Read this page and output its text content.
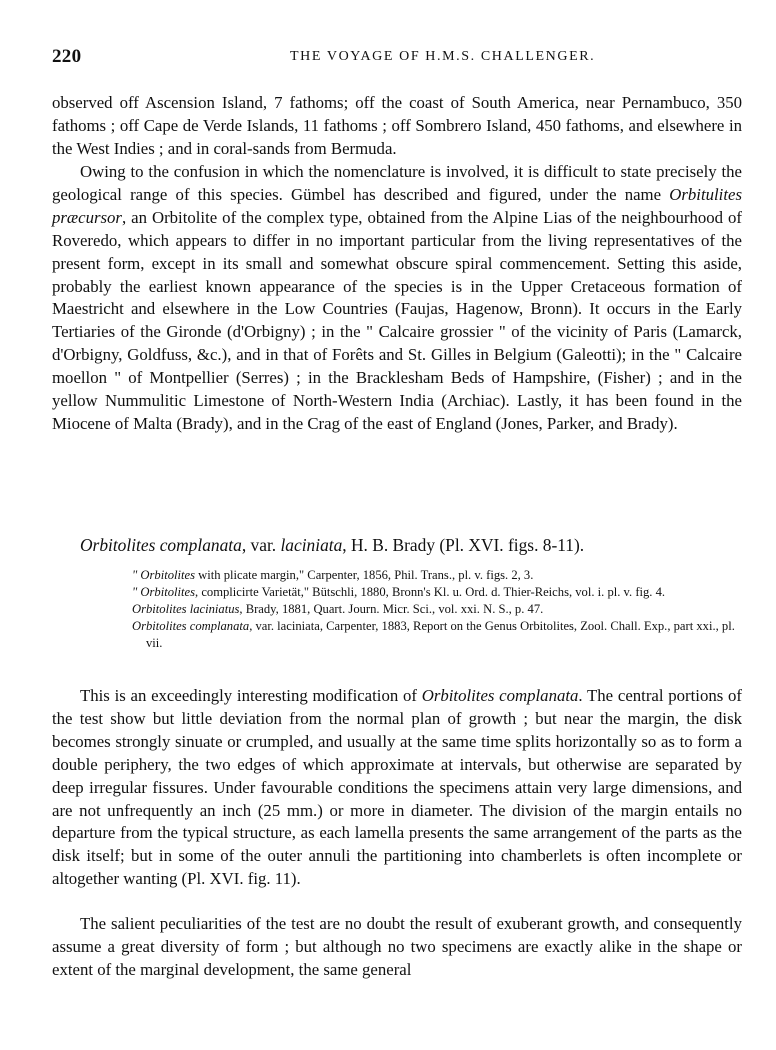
220	THE VOYAGE OF H.M.S. CHALLENGER.

observed off Ascension Island, 7 fathoms; off the coast of South America, near Pernambuco, 350 fathoms ; off Cape de Verde Islands, 11 fathoms ; off Sombrero Island, 450 fathoms, and elsewhere in the West Indies ; and in coral-sands from Bermuda.

Owing to the confusion in which the nomenclature is involved, it is difficult to state precisely the geological range of this species. Gümbel has described and figured, under the name Orbitulites præcursor, an Orbitolite of the complex type, obtained from the Alpine Lias of the neighbourhood of Roveredo, which appears to differ in no important particular from the living representatives of the present form, except in its small and somewhat obscure spiral commencement. Setting this aside, probably the earliest known appearance of the species is in the Upper Cretaceous formation of Maestricht and elsewhere in the Low Countries (Faujas, Hagenow, Bronn). It occurs in the Early Tertiaries of the Gironde (d'Orbigny) ; in the " Calcaire grossier " of the vicinity of Paris (Lamarck, d'Orbigny, Goldfuss, &c.), and in that of Forêts and St. Gilles in Belgium (Galeotti); in the " Calcaire moellon " of Montpellier (Serres) ; in the Bracklesham Beds of Hampshire, (Fisher) ; and in the yellow Nummulitic Limestone of North-Western India (Archiac). Lastly, it has been found in the Miocene of Malta (Brady), and in the Crag of the east of England (Jones, Parker, and Brady).

Orbitolites complanata, var. laciniata, H. B. Brady (Pl. XVI. figs. 8-11).
" Orbitolites with plicate margin," Carpenter, 1856, Phil. Trans., pl. v. figs. 2, 3.
" Orbitolites, complicirte Varietät," Bütschli, 1880, Bronn's Kl. u. Ord. d. Thier-Reichs, vol. i. pl. v. fig. 4.
Orbitolites laciniatus, Brady, 1881, Quart. Journ. Micr. Sci., vol. xxi. N. S., p. 47.
Orbitolites complanata, var. laciniata, Carpenter, 1883, Report on the Genus Orbitolites, Zool. Chall. Exp., part xxi., pl. vii.

This is an exceedingly interesting modification of Orbitolites complanata. The central portions of the test show but little deviation from the normal plan of growth ; but near the margin, the disk becomes strongly sinuate or crumpled, and usually at the same time splits horizontally so as to form a double periphery, the two edges of which approximate at intervals, but otherwise are separated by deep irregular fissures. Under favourable conditions the specimens attain very large dimensions, and are not unfrequently an inch (25 mm.) or more in diameter. The division of the margin entails no departure from the typical structure, as each lamella presents the same arrangement of the parts as the disk itself; but in some of the outer annuli the partitioning into chamberlets is often incomplete or altogether wanting (Pl. XVI. fig. 11).

The salient peculiarities of the test are no doubt the result of exuberant growth, and consequently assume a great diversity of form ; but although no two specimens are exactly alike in the shape or extent of the marginal development, the same general
